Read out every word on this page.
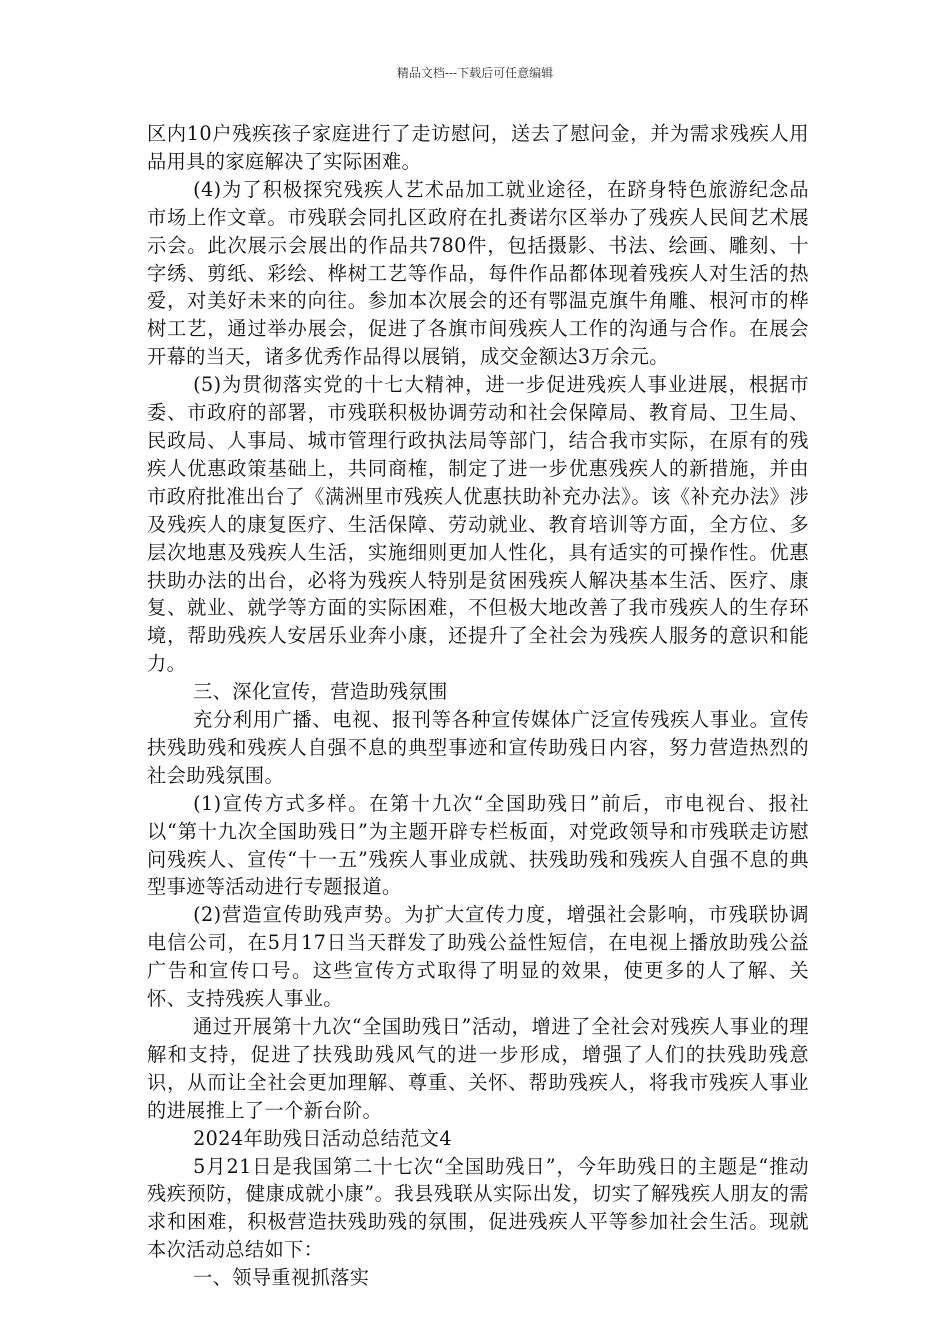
精品文档---下载后可任意编辑

区内10户残疾孩子家庭进行了走访慰问，送去了慰问金，并为需求残疾人用品用具的家庭解决了实际困难。

(4)为了积极探究残疾人艺术品加工就业途径，在跻身特色旅游纪念品市场上作文章。市残联会同扎区政府在扎赉诺尔区举办了残疾人民间艺术展示会。此次展示会展出的作品共780件，包括摄影、书法、绘画、雕刻、十字绣、剪纸、彩绘、桦树工艺等作品，每件作品都体现着残疾人对生活的热爱，对美好未来的向往。参加本次展会的还有鄂温克旗牛角雕、根河市的桦树工艺，通过举办展会，促进了各旗市间残疾人工作的沟通与合作。在展会开幕的当天，诸多优秀作品得以展销，成交金额达3万余元。

(5)为贯彻落实党的十七大精神，进一步促进残疾人事业进展，根据市委、市政府的部署，市残联积极协调劳动和社会保障局、教育局、卫生局、民政局、人事局、城市管理行政执法局等部门，结合我市实际，在原有的残疾人优惠政策基础上，共同商榷，制定了进一步优惠残疾人的新措施，并由市政府批准出台了《满洲里市残疾人优惠扶助补充办法》。该《补充办法》涉及残疾人的康复医疗、生活保障、劳动就业、教育培训等方面，全方位、多层次地惠及残疾人生活，实施细则更加人性化，具有适实的可操作性。优惠扶助办法的出台，必将为残疾人特别是贫困残疾人解决基本生活、医疗、康复、就业、就学等方面的实际困难，不但极大地改善了我市残疾人的生存环境，帮助残疾人安居乐业奔小康，还提升了全社会为残疾人服务的意识和能力。

三、深化宣传，营造助残氛围

充分利用广播、电视、报刊等各种宣传媒体广泛宣传残疾人事业。宣传扶残助残和残疾人自强不息的典型事迹和宣传助残日内容，努力营造热烈的社会助残氛围。

(1)宣传方式多样。在第十九次“全国助残日”前后，市电视台、报社以“第十九次全国助残日”为主题开辟专栏板面，对党政领导和市残联走访慰问残疾人、宣传“十一五”残疾人事业成就、扶残助残和残疾人自强不息的典型事迹等活动进行专题报道。

(2)营造宣传助残声势。为扩大宣传力度，增强社会影响，市残联协调电信公司，在5月17日当天群发了助残公益性短信，在电视上播放助残公益广告和宣传口号。这些宣传方式取得了明显的效果，使更多的人了解、关怀、支持残疾人事业。

通过开展第十九次“全国助残日”活动，增进了全社会对残疾人事业的理解和支持，促进了扶残助残风气的进一步形成，增强了人们的扶残助残意识，从而让全社会更加理解、尊重、关怀、帮助残疾人，将我市残疾人事业的进展推上了一个新台阶。

2024年助残日活动总结范文4

5月21日是我国第二十七次“全国助残日”，今年助残日的主题是“推动残疾预防，健康成就小康”。我县残联从实际出发，切实了解残疾人朋友的需求和困难，积极营造扶残助残的氛围，促进残疾人平等参加社会生活。现就本次活动总结如下：

一、领导重视抓落实
